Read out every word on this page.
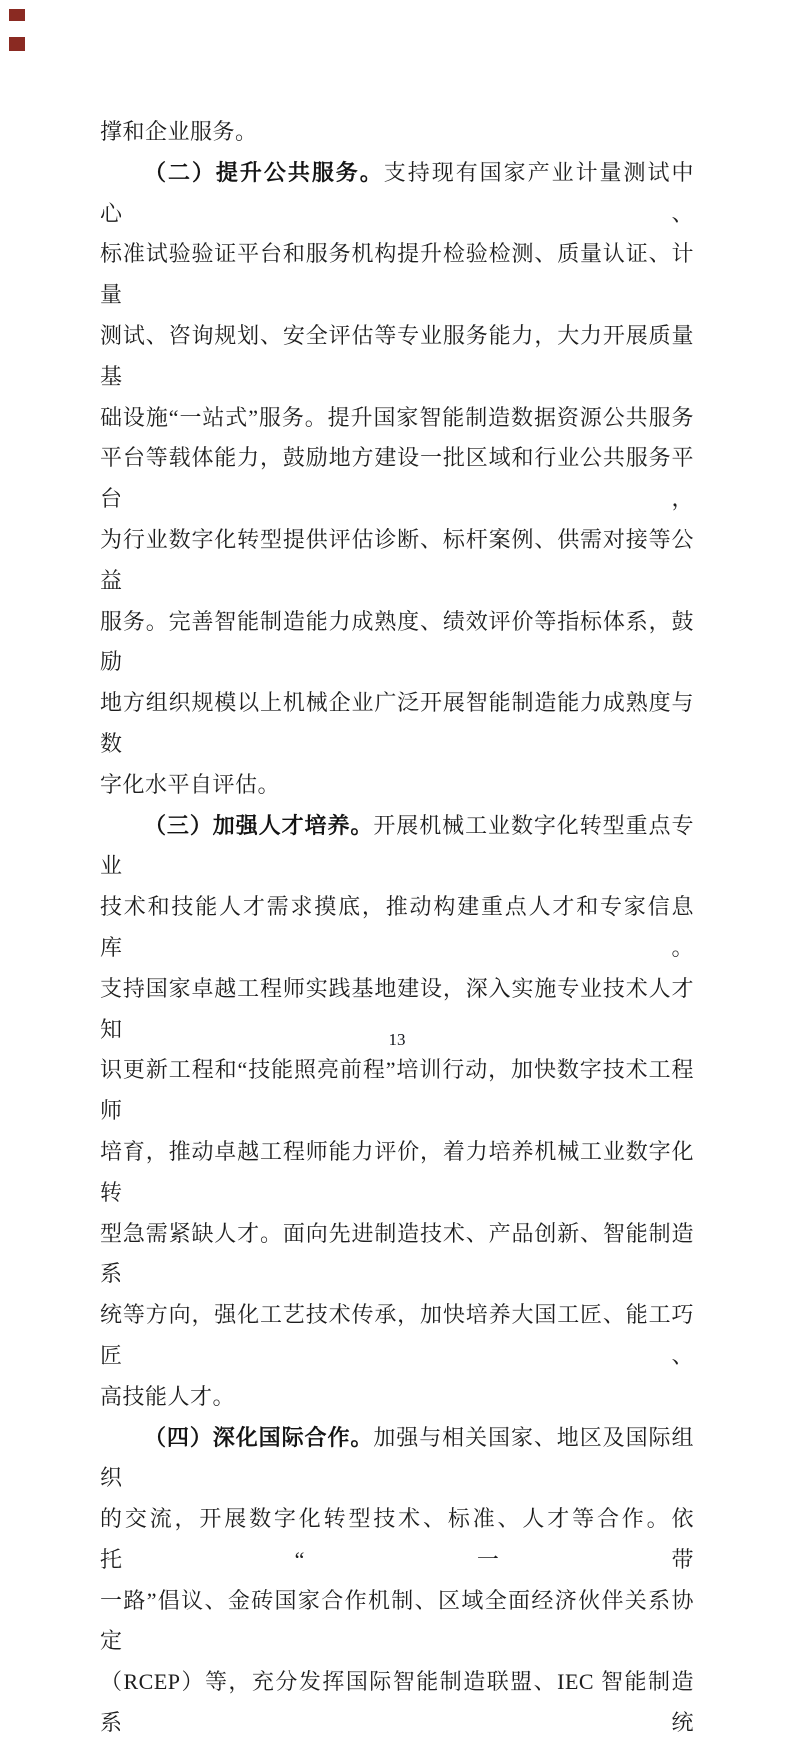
撑和企业服务。
（二）提升公共服务。支持现有国家产业计量测试中心、
标准试验验证平台和服务机构提升检验检测、质量认证、计量
测试、咨询规划、安全评估等专业服务能力，大力开展质量基
础设施“一站式”服务。提升国家智能制造数据资源公共服务
平台等载体能力，鼓励地方建设一批区域和行业公共服务平台，
为行业数字化转型提供评估诊断、标杆案例、供需对接等公益
服务。完善智能制造能力成熟度、绩效评价等指标体系，鼓励
地方组织规模以上机械企业广泛开展智能制造能力成熟度与数
字化水平自评估。
（三）加强人才培养。开展机械工业数字化转型重点专业
技术和技能人才需求摸底，推动构建重点人才和专家信息库。
支持国家卓越工程师实践基地建设，深入实施专业技术人才知
识更新工程和“技能照亮前程”培训行动，加快数字技术工程师
培育，推动卓越工程师能力评价，着力培养机械工业数字化转
型急需紧缺人才。面向先进制造技术、产品创新、智能制造系
统等方向，强化工艺技术传承，加快培养大国工匠、能工巧匠、
高技能人才。
（四）深化国际合作。加强与相关国家、地区及国际组织
的交流，开展数字化转型技术、标准、人才等合作。依托“一带
一路”倡议、金砖国家合作机制、区域全面经济伙伴关系协定
（RCEP）等，充分发挥国际智能制造联盟、IEC 智能制造系统
13
